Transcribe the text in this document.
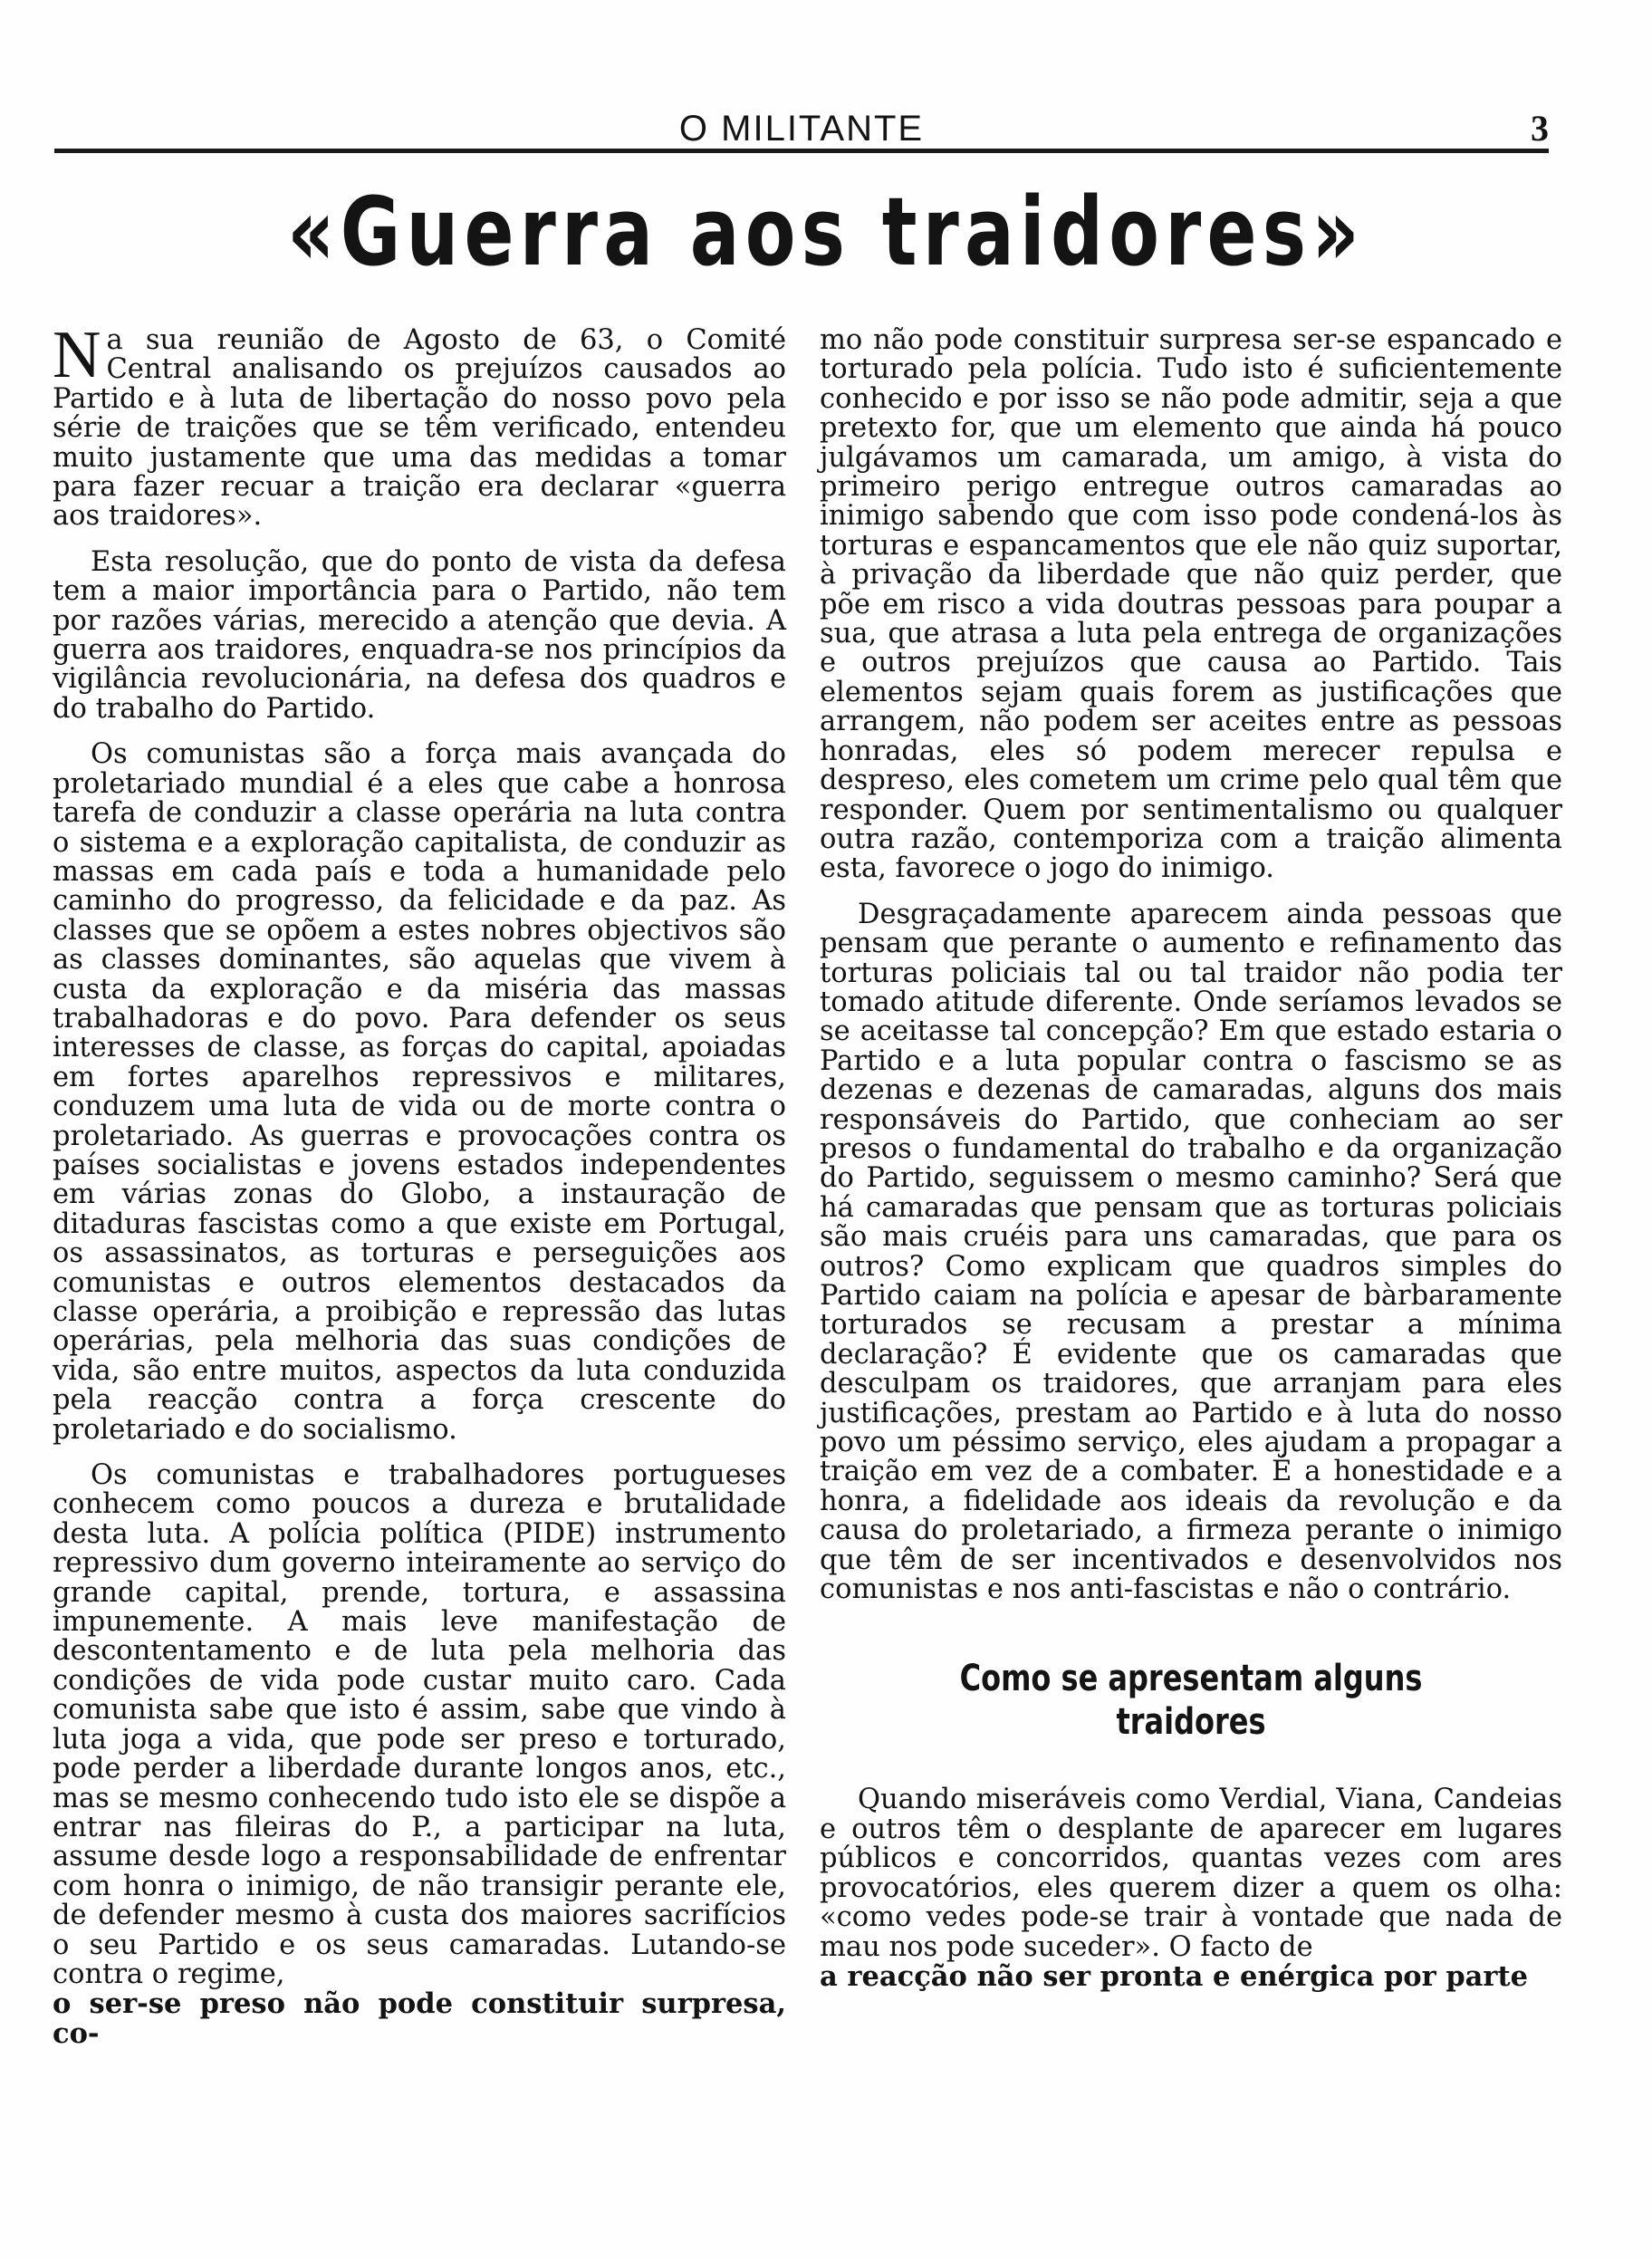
O MILITANTE	3
«Guerra aos traidores»

Na sua reunião de Agosto de 63, o Comité Central analisando os prejuízos causados ao Partido e à luta de libertação do nosso povo pela série de traições que se têm verificado, entendeu muito justamente que uma das medidas a tomar para fazer recuar a traição era declarar «guerra aos traidores».

Esta resolução, que do ponto de vista da defesa tem a maior importância para o Partido, não tem por razões várias, merecido a atenção que devia. A guerra aos traidores, enquadra-se nos princípios da vigilância revolucionária, na defesa dos quadros e do trabalho do Partido.

Os comunistas são a força mais avançada do proletariado mundial é a eles que cabe a honrosa tarefa de conduzir a classe operária na luta contra o sistema e a exploração capitalista, de conduzir as massas em cada país e toda a humanidade pelo caminho do progresso, da felicidade e da paz. As classes que se opõem a estes nobres objectivos são as classes dominantes, são aquelas que vivem à custa da exploração e da miséria das massas trabalhadoras e do povo. Para defender os seus interesses de classe, as forças do capital, apoiadas em fortes aparelhos repressivos e militares, conduzem uma luta de vida ou de morte contra o proletariado. As guerras e provocações contra os países socialistas e jovens estados independentes em várias zonas do Globo, a instauração de ditaduras fascistas como a que existe em Portugal, os assassinatos, as torturas e perseguições aos comunistas e outros elementos destacados da classe operária, a proibição e repressão das lutas operárias, pela melhoria das suas condições de vida, são entre muitos, aspectos da luta conduzida pela reacção contra a força crescente do proletariado e do socialismo.

Os comunistas e trabalhadores portugueses conhecem como poucos a dureza e brutalidade desta luta. A polícia política (PIDE) instrumento repressivo dum governo inteiramente ao serviço do grande capital, prende, tortura, e assassina impunemente. A mais leve manifestação de descontentamento e de luta pela melhoria das condições de vida pode custar muito caro. Cada comunista sabe que isto é assim, sabe que vindo à luta joga a vida, que pode ser preso e torturado, pode perder a liberdade durante longos anos, etc., mas se mesmo conhecendo tudo isto ele se dispõe a entrar nas fileiras do P., a participar na luta, assume desde logo a responsabilidade de enfrentar com honra o inimigo, de não transigir perante ele, de defender mesmo à custa dos maiores sacrifícios o seu Partido e os seus camaradas. Lutando-se contra o regime,

o ser-se preso não pode constituir surpresa, co-

mo não pode constituir surpresa ser-se espancado e torturado pela polícia. Tudo isto é suficientemente conhecido e por isso se não pode admitir, seja a que pretexto for, que um elemento que ainda há pouco julgávamos um camarada, um amigo, à vista do primeiro perigo entregue outros camaradas ao inimigo sabendo que com isso pode condená-los às torturas e espancamentos que ele não quiz suportar, à privação da liberdade que não quiz perder, que põe em risco a vida doutras pessoas para poupar a sua, que atrasa a luta pela entrega de organizações e outros prejuízos que causa ao Partido. Tais elementos sejam quais forem as justificações que arrangem, não podem ser aceites entre as pessoas honradas, eles só podem merecer repulsa e despreso, eles cometem um crime pelo qual têm que responder. Quem por sentimentalismo ou qualquer outra razão, contemporiza com a traição alimenta esta, favorece o jogo do inimigo.

Desgraçadamente aparecem ainda pessoas que pensam que perante o aumento e refinamento das torturas policiais tal ou tal traidor não podia ter tomado atitude diferente. Onde seríamos levados se se aceitasse tal concepção? Em que estado estaria o Partido e a luta popular contra o fascismo se as dezenas e dezenas de camaradas, alguns dos mais responsáveis do Partido, que conheciam ao ser presos o fundamental do trabalho e da organização do Partido, seguissem o mesmo caminho? Será que há camaradas que pensam que as torturas policiais são mais cruéis para uns camaradas, que para os outros? Como explicam que quadros simples do Partido caiam na polícia e apesar de bàrbaramente torturados se recusam a prestar a mínima declaração? É evidente que os camaradas que desculpam os traidores, que arranjam para eles justificações, prestam ao Partido e à luta do nosso povo um péssimo serviço, eles ajudam a propagar a traição em vez de a combater. É a honestidade e a honra, a fidelidade aos ideais da revolução e da causa do proletariado, a firmeza perante o inimigo que têm de ser incentivados e desenvolvidos nos comunistas e nos anti-fascistas e não o contrário.

Como se apresentam alguns traidores

Quando miseráveis como Verdial, Viana, Candeias e outros têm o desplante de aparecer em lugares públicos e concorridos, quantas vezes com ares provocatórios, eles querem dizer a quem os olha: «como vedes pode-se trair à vontade que nada de mau nos pode suceder». O facto de

a reacção não ser pronta e enérgica por parte
